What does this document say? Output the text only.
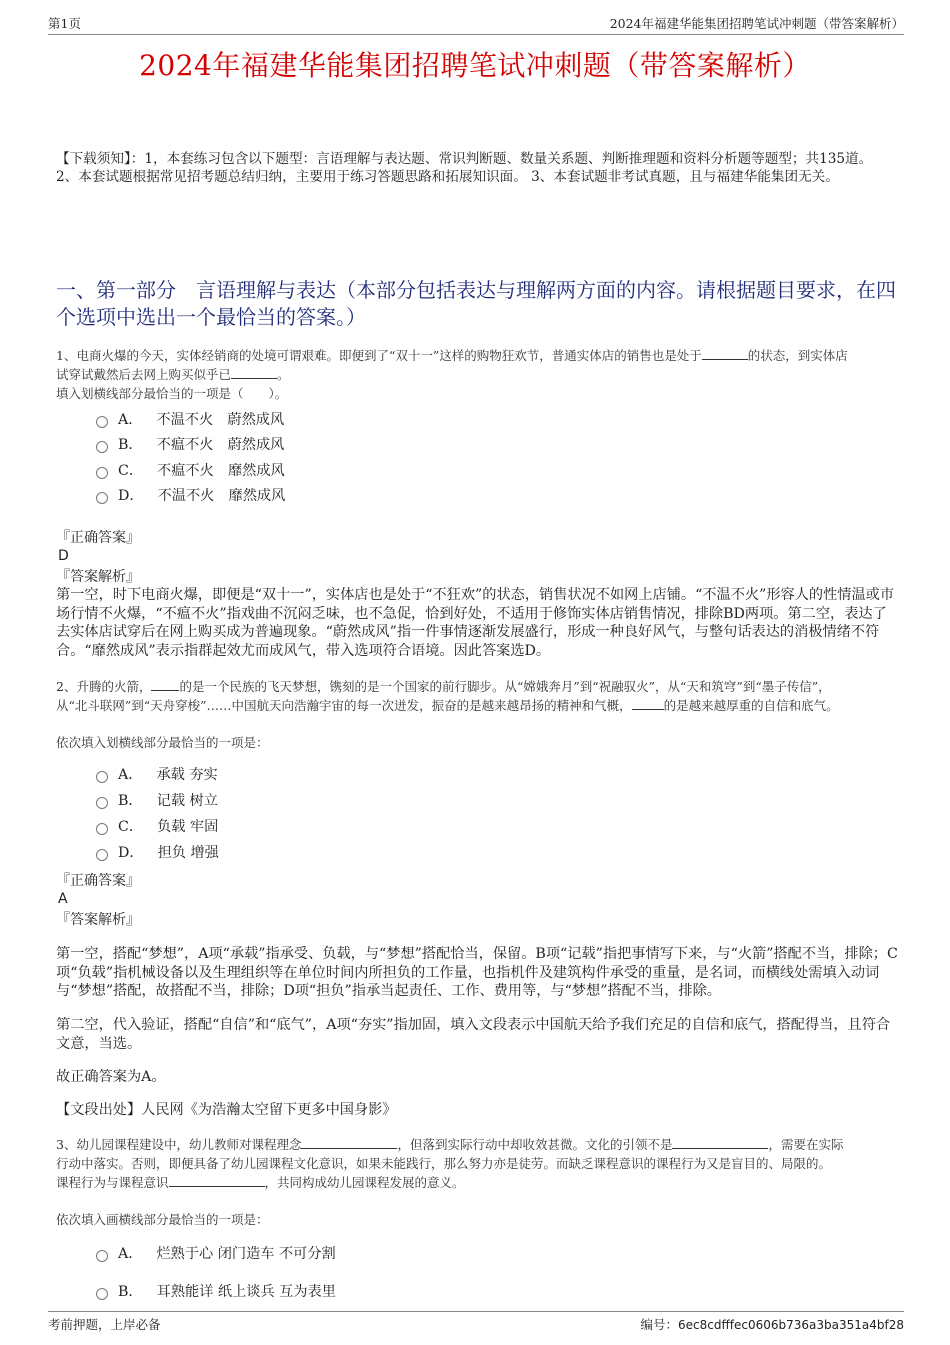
第1页	2024年福建华能集团招聘笔试冲刺题（带答案解析）
2024年福建华能集团招聘笔试冲刺题（带答案解析）

【下载须知】：1，本套练习包含以下题型：言语理解与表达题、常识判断题、数量关系题、判断推理题和资料分析题等题型；共135道。 2、本套试题根据常见招考题总结归纳，主要用于练习答题思路和拓展知识面。 3、本套试题非考试真题，且与福建华能集团无关。

一、第一部分　言语理解与表达（本部分包括表达与理解两方面的内容。请根据题目要求，在四个选项中选出一个最恰当的答案。）

1、电商火爆的今天，实体经销商的处境可谓艰难。即便到了“双十一”这样的购物狂欢节，普通实体店的销售也是处于	的状态，到实体店
试穿试戴然后去网上购买似乎已	。
填入划横线部分最恰当的一项是（　　）。
A． 不温不火　蔚然成风
B． 不瘟不火　蔚然成风
C． 不瘟不火　靡然成风
D． 不温不火　靡然成风
『正确答案』
D
『答案解析』

第一空，时下电商火爆，即便是“双十一”，实体店也是处于“不狂欢”的状态，销售状况不如网上店铺。“不温不火”形容人的性情温或市场行情不火爆，“不瘟不火”指戏曲不沉闷乏味，也不急促，恰到好处，不适用于修饰实体店销售情况，排除BD两项。第二空，表达了去实体店试穿后在网上购买成为普遍现象。“蔚然成风”指一件事情逐渐发展盛行，形成一种良好风气，与整句话表达的消极情绪不符合。“靡然成风”表示指群起效尤而成风气，带入选项符合语境。因此答案选D。

2、升腾的火箭， 的是一个民族的飞天梦想，镌刻的是一个国家的前行脚步。从“嫦娥奔月”到“祝融驭火”，从“天和筑穹”到“墨子传信”，
从“北斗联网”到“天舟穿梭”……中国航天向浩瀚宇宙的每一次迸发，振奋的是越来越昂扬的精神和气概，	的是越来越厚重的自信和底气。
依次填入划横线部分最恰当的一项是：
A． 承载 夯实
B． 记载 树立
C． 负载 牢固
D． 担负 增强
『正确答案』
A
『答案解析』

第一空，搭配“梦想”，A项“承载”指承受、负载，与“梦想”搭配恰当，保留。B项“记载”指把事情写下来，与“火箭”搭配不当，排除；C项“负载”指机械设备以及生理组织等在单位时间内所担负的工作量，也指机件及建筑构件承受的重量，是名词，而横线处需填入动词与“梦想”搭配，故搭配不当，排除；D项“担负”指承当起责任、工作、费用等，与“梦想”搭配不当，排除。

第二空，代入验证，搭配“自信”和“底气”，A项“夯实”指加固，填入文段表示中国航天给予我们充足的自信和底气，搭配得当，且符合文意，当选。

故正确答案为A。

【文段出处】人民网《为浩瀚太空留下更多中国身影》

3、幼儿园课程建设中，幼儿教师对课程理念	，但落到实际行动中却收效甚微。文化的引领不是	，需要在实际
行动中落实。否则，即便具备了幼儿园课程文化意识，如果未能践行，那么努力亦是徒劳。而缺乏课程意识的课程行为又是盲目的、局限的。
课程行为与课程意识	，共同构成幼儿园课程发展的意义。
依次填入画横线部分最恰当的一项是：
A． 烂熟于心 闭门造车 不可分割
B． 耳熟能详 纸上谈兵 互为表里
考前押题，上岸必备	编号：6ec8cdfffec0606b736a3ba351a4bf28
